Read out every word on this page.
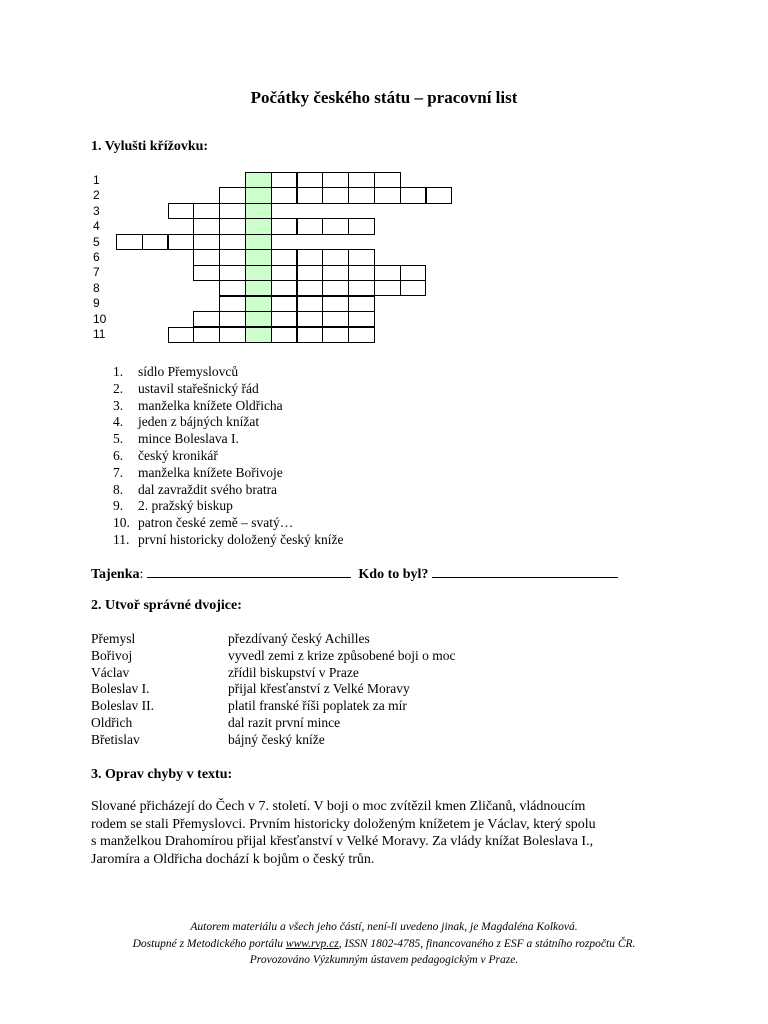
Počátky českého státu – pracovní list
1. Vylušti křížovku:
1
2
3
4
5
6
7
8
9
10
11
1. sídlo Přemyslovců
2. ustavil stařešnický řád
3. manželka knížete Oldřicha
4. jeden z bájných knížat
5. mince Boleslava I.
6. český kronikář
7. manželka knížete Bořivoje
8. dal zavraždit svého bratra
9. 2. pražský biskup
10. patron české země – svatý…
11. první historicky doložený český kníže
Tajenka:	Kdo to byl?
2. Utvoř správné dvojice:
Přemysl	přezdívaný český Achilles
Bořivoj	vyvedl zemi z krize způsobené boji o moc
Václav	zřídil biskupství v Praze
Boleslav I.	přijal křesťanství z Velké Moravy
Boleslav II.	platil franské říši poplatek za mír
Oldřich	dal razit první mince
Břetislav	bájný český kníže
3. Oprav chyby v textu:

Slované přicházejí do Čech v 7. století. V boji o moc zvítězil kmen Zličanů, vládnoucím

rodem se stali Přemyslovci. Prvním historicky doloženým knížetem je Václav, který spolu

s manželkou Drahomírou přijal křesťanství v Velké Moravy. Za vlády knížat Boleslava I.,

Jaromíra a Oldřicha dochází k bojům o český trůn.

Autorem materiálu a všech jeho částí, není-li uvedeno jinak, je Magdaléna Kolková.

Dostupné z Metodického portálu www.rvp.cz, ISSN 1802-4785, financovaného z ESF a státního rozpočtu ČR.

Provozováno Výzkumným ústavem pedagogickým v Praze.
